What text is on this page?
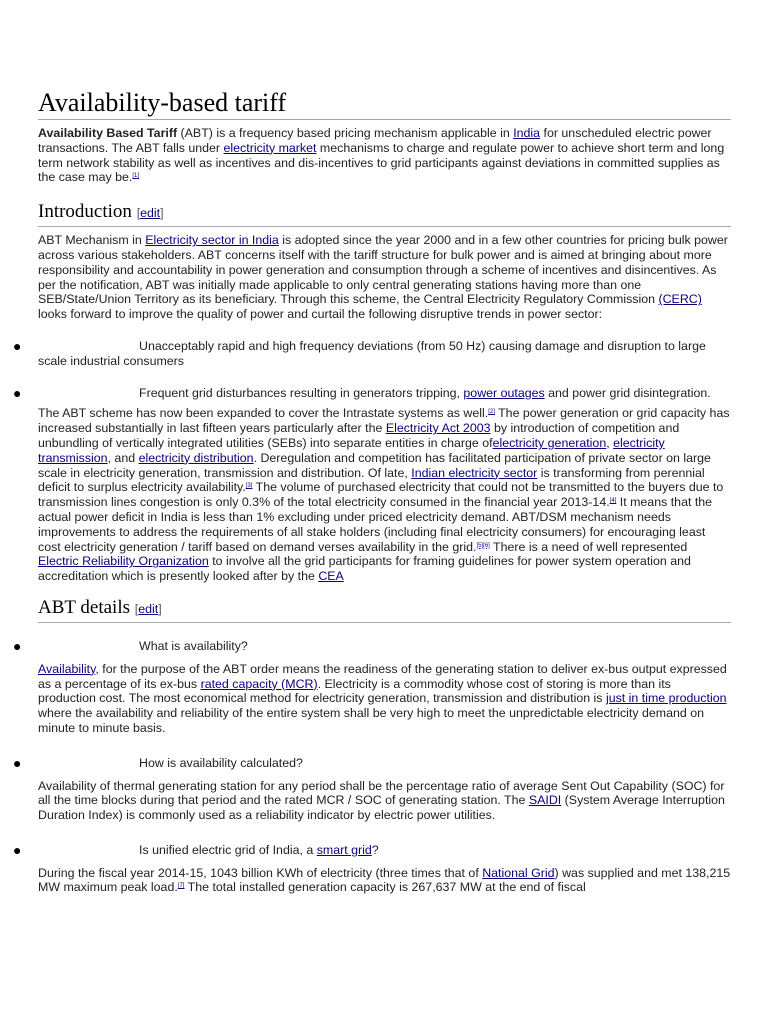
Availability-based tariff

Availability Based Tariff (ABT) is a frequency based pricing mechanism applicable in India for unscheduled electric power transactions. The ABT falls under electricity market mechanisms to charge and regulate power to achieve short term and long term network stability as well as incentives and dis-incentives to grid participants against deviations in committed supplies as the case may be.[1]

Introduction [edit]

ABT Mechanism in Electricity sector in India is adopted since the year 2000 and in a few other countries for pricing bulk power across various stakeholders. ABT concerns itself with the tariff structure for bulk power and is aimed at bringing about more responsibility and accountability in power generation and consumption through a scheme of incentives and disincentives. As per the notification, ABT was initially made applicable to only central generating stations having more than one SEB/State/Union Territory as its beneficiary. Through this scheme, the Central Electricity Regulatory Commission (CERC) looks forward to improve the quality of power and curtail the following disruptive trends in power sector:

●	Unacceptably rapid and high frequency deviations (from 50 Hz) causing damage and disruption to large scale industrial consumers
●	Frequent grid disturbances resulting in generators tripping, power outages and power grid disintegration.

The ABT scheme has now been expanded to cover the Intrastate systems as well.[2] The power generation or grid capacity has increased substantially in last fifteen years particularly after the Electricity Act 2003 by introduction of competition and unbundling of vertically integrated utilities (SEBs) into separate entities in charge ofelectricity generation, electricity transmission, and electricity distribution. Deregulation and competition has facilitated participation of private sector on large scale in electricity generation, transmission and distribution. Of late, Indian electricity sector is transforming from perennial deficit to surplus electricity availability.[3] The volume of purchased electricity that could not be transmitted to the buyers due to transmission lines congestion is only 0.3% of the total electricity consumed in the financial year 2013-14.[4] It means that the actual power deficit in India is less than 1% excluding under priced electricity demand. ABT/DSM mechanism needs improvements to address the requirements of all stake holders (including final electricity consumers) for encouraging least cost electricity generation / tariff based on demand verses availability in the grid.[5][6] There is a need of well represented Electric Reliability Organization to involve all the grid participants for framing guidelines for power system operation and accreditation which is presently looked after by the CEA

ABT details [edit]
●	What is availability?

Availability, for the purpose of the ABT order means the readiness of the generating station to deliver ex-bus output expressed as a percentage of its ex-bus rated capacity (MCR). Electricity is a commodity whose cost of storing is more than its production cost. The most economical method for electricity generation, transmission and distribution is just in time production where the availability and reliability of the entire system shall be very high to meet the unpredictable electricity demand on minute to minute basis.

●	How is availability calculated?

Availability of thermal generating station for any period shall be the percentage ratio of average Sent Out Capability (SOC) for all the time blocks during that period and the rated MCR / SOC of generating station. The SAIDI (System Average Interruption Duration Index) is commonly used as a reliability indicator by electric power utilities.

●	Is unified electric grid of India, a smart grid?

During the fiscal year 2014-15, 1043 billion KWh of electricity (three times that of National Grid) was supplied and met 138,215 MW maximum peak load.[7] The total installed generation capacity is 267,637 MW at the end of fiscal
